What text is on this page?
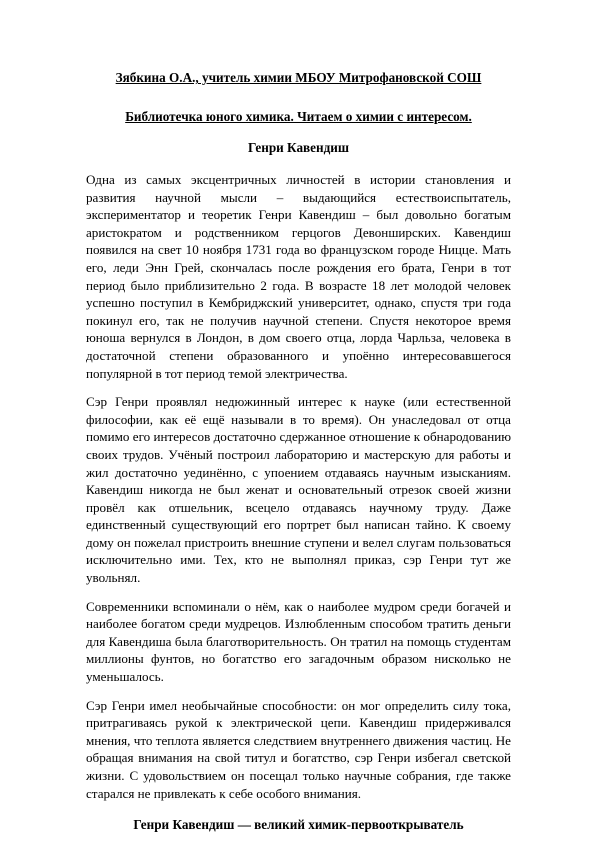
Зябкина О.А., учитель химии МБОУ Митрофановской СОШ

Библиотечка юного химика. Читаем о химии с интересом.

Генри Кавендиш

Одна из самых эксцентричных личностей в истории становления и развития научной мысли – выдающийся естествоиспытатель, экспериментатор и теоретик Генри Кавендиш – был довольно богатым аристократом и родственником герцогов Девонширских. Кавендиш появился на свет 10 ноября 1731 года во французском городе Ницце. Мать его, леди Энн Грей, скончалась после рождения его брата, Генри в тот период было приблизительно 2 года. В возрасте 18 лет молодой человек успешно поступил в Кембриджский университет, однако, спустя три года покинул его, так не получив научной степени. Спустя некоторое время юноша вернулся в Лондон, в дом своего отца, лорда Чарльза, человека в достаточной степени образованного и упоённо интересовавшегося популярной в тот период темой электричества.

Сэр Генри проявлял недюжинный интерес к науке (или естественной философии, как её ещё называли в то время). Он унаследовал от отца помимо его интересов достаточно сдержанное отношение к обнародованию своих трудов. Учёный построил лабораторию и мастерскую для работы и жил достаточно уединённо, с упоением отдаваясь научным изысканиям. Кавендиш никогда не был женат и основательный отрезок своей жизни провёл как отшельник, всецело отдаваясь научному труду. Даже единственный существующий его портрет был написан тайно. К своему дому он пожелал пристроить внешние ступени и велел слугам пользоваться исключительно ими. Тех, кто не выполнял приказ, сэр Генри тут же увольнял.

Современники вспоминали о нём, как о наиболее мудром среди богачей и наиболее богатом среди мудрецов. Излюбленным способом тратить деньги для Кавендиша была благотворительность. Он тратил на помощь студентам миллионы фунтов, но богатство его загадочным образом нисколько не уменьшалось.

Сэр Генри имел необычайные способности: он мог определить силу тока, притрагиваясь рукой к электрической цепи. Кавендиш придерживался мнения, что теплота является следствием внутреннего движения частиц. Не обращая внимания на свой титул и богатство, сэр Генри избегал светской жизни. С удовольствием он посещал только научные собрания, где также старался не привлекать к себе особого внимания.

Генри Кавендиш — великий химик-первооткрыватель
